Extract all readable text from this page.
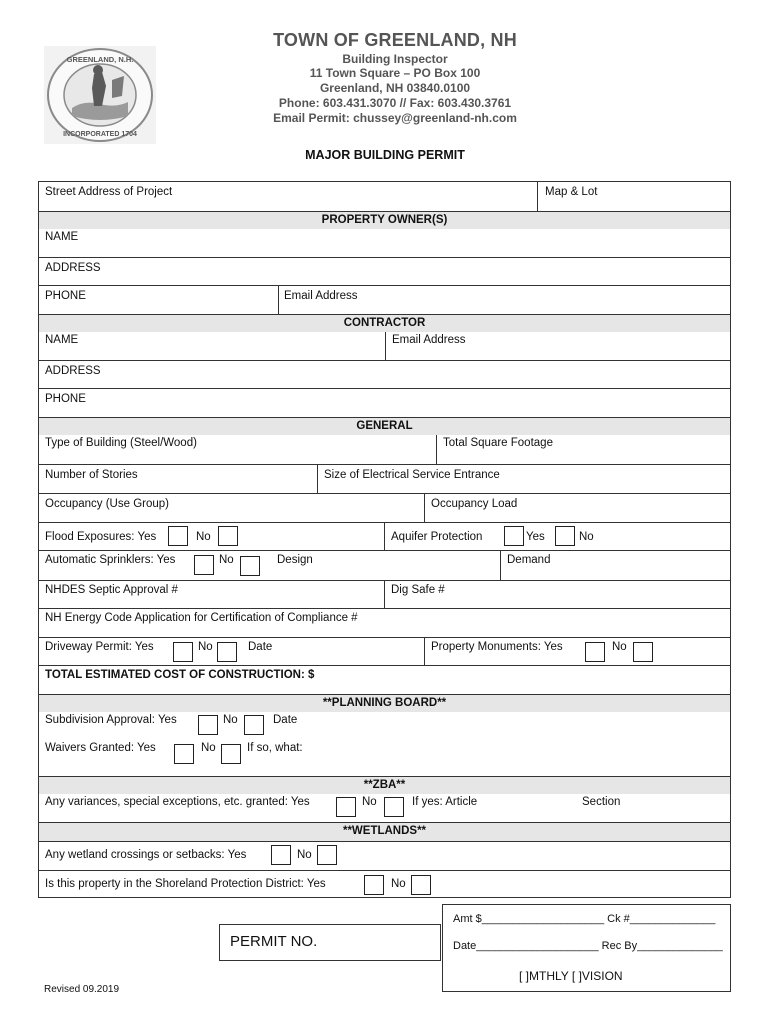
GREENLAND, N.H.
INCORPORATED 1704
TOWN OF GREENLAND, NH
Building Inspector
11 Town Square – PO Box 100
Greenland, NH 03840.0100
Phone: 603.431.3070 // Fax: 603.430.3761
Email Permit: chussey@greenland-nh.com
MAJOR BUILDING PERMIT
Street Address of Project	Map & Lot
PROPERTY OWNER(S)
NAME
ADDRESS
PHONE	Email Address
CONTRACTOR
NAME	Email Address
ADDRESS
PHONE
GENERAL
Type of Building (Steel/Wood)	Total Square Footage
Number of Stories	Size of Electrical Service Entrance
Occupancy (Use Group)	Occupancy Load
Flood Exposures: Yes	No	Aquifer Protection	Yes	No
Automatic Sprinklers: Yes	No	Design	Demand
NHDES Septic Approval #	Dig Safe #
NH Energy Code Application for Certification of Compliance #
Driveway Permit: Yes	No	Date	Property Monuments: Yes	No
TOTAL ESTIMATED COST OF CONSTRUCTION: $
**PLANNING BOARD**
Subdivision Approval: Yes	No	Date
Waivers Granted: Yes	No	If so, what:
**ZBA**
Any variances, special exceptions, etc. granted: Yes	No	If yes: Article	Section
**WETLANDS**
Any wetland crossings or setbacks: Yes	No
Is this property in the Shoreland Protection District: Yes	No
PERMIT NO.
Amt $____________________ Ck #______________
Date____________________ Rec By______________
[ ]MTHLY [ ]VISION
Revised 09.2019
